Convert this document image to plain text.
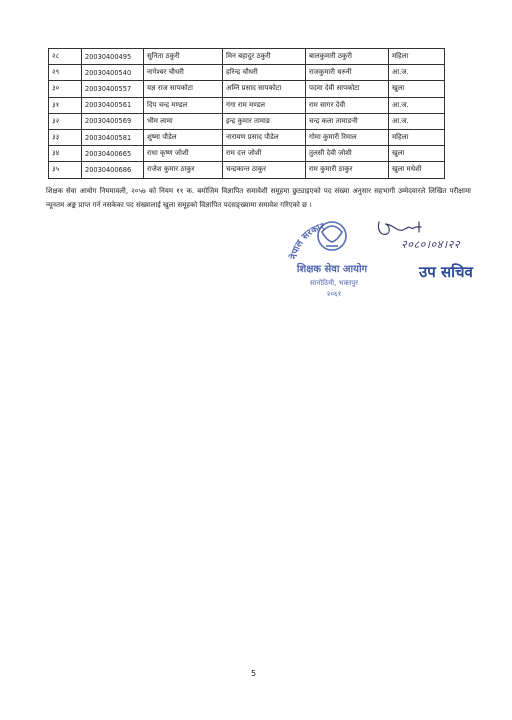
२८	20030400495	सुनिता ठकुरी	मिन बहादुर ठकुरी	बालकुमारी ठकुरी	महिला
२९	20030400540	नागेश्वर चौधरी	हरिन्द्र चौधरी	राजकुमारी थरुनी	आ.ज.
३०	20030400557	यज्ञ राज सापकोटा	अम्नि प्रसाद सापकोटा	पदमा देवी सापकोटा	खुला
३१	20030400561	दिप चन्द्र मण्डल	गंगा राम मण्डल	राम सागर देवी	आ.ज.
३२	20030400569	भीम लामा	इन्द्र कुमार तामाङ	चन्द्र कला तामाङनी	आ.ज.
३३	20030400581	शुष्मा पौडेल	नारायण प्रसाद पौडेल	गोमा कुमारी रिमाल	महिला
३४	20030400665	राधा कृष्ण जोशी	राम दत्त जोशी	तुलसी देवी जोशी	खुला
३५	20030400686	राजेश कुमार ठाकुर	चन्द्रकान्त ठाकुर	राम कुमारी ठाकुर	खुला मधेशी

शिक्षक सेवा आयोग नियमावली, २०५७ को नियम ११ क. बमोजिम विज्ञापित समावेशी समूहमा छुट्याइएको पद संख्या अनुसार सहभागी उम्मेदवारले लिखित परीक्षामा न्यूनतम अङ्क प्राप्त गर्न नसकेका पद संख्यालाई खुला समूहको विज्ञापित पदसङ्ख्यामा समावेश गरिएको छ ।

नेपाल सरकार
शिक्षक सेवा आयोग
सानोठिमी, भक्तपुर
२०६१
२०८०।०४।२२
उप सचिव
5
